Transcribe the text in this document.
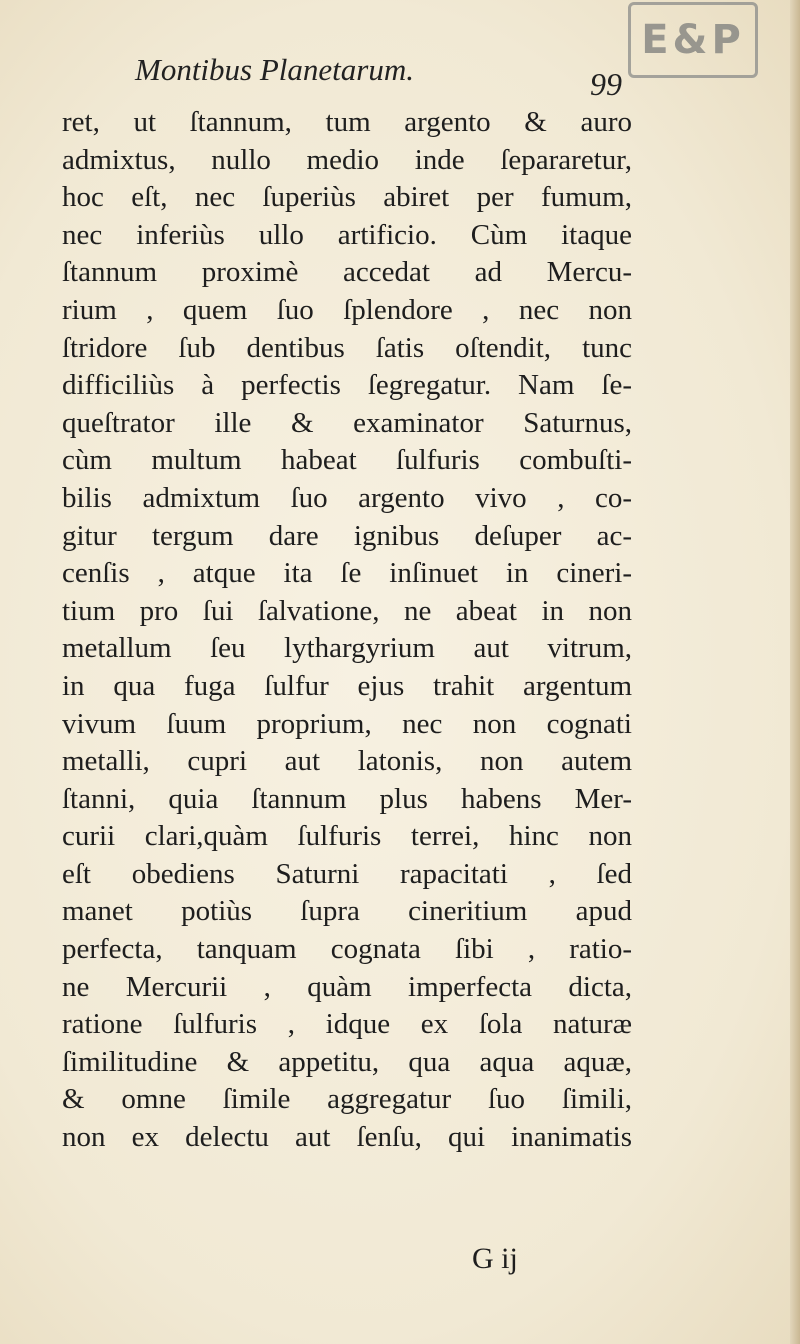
E&P
Montibus Planetarum.	99
ret, ut ſtannum, tum argento & auro
admixtus, nullo medio inde ſepararetur,
hoc eſt, nec ſuperiùs abiret per fumum,
nec inferiùs ullo artificio. Cùm itaque
ſtannum proximè accedat ad Mercu-
rium , quem ſuo ſplendore , nec non
ſtridore ſub dentibus ſatis oſtendit, tunc
difficiliùs à perfectis ſegregatur. Nam ſe-
queſtrator ille & examinator Saturnus,
cùm multum habeat ſulfuris combuſti-
bilis admixtum ſuo argento vivo , co-
gitur tergum dare ignibus deſuper ac-
cenſis , atque ita ſe inſinuet in cineri-
tium pro ſui ſalvatione, ne abeat in non
metallum ſeu lythargyrium aut vitrum,
in qua fuga ſulfur ejus trahit argentum
vivum ſuum proprium, nec non cognati
metalli, cupri aut latonis, non autem
ſtanni, quia ſtannum plus habens Mer-
curii clari,quàm ſulfuris terrei, hinc non
eſt obediens Saturni rapacitati , ſed
manet potiùs ſupra cineritium apud
perfecta, tanquam cognata ſibi , ratio-
ne Mercurii , quàm imperfecta dicta,
ratione ſulfuris , idque ex ſola naturæ
ſimilitudine & appetitu, qua aqua aquæ,
& omne ſimile aggregatur ſuo ſimili,
non ex delectu aut ſenſu, qui inanimatis
G ij
